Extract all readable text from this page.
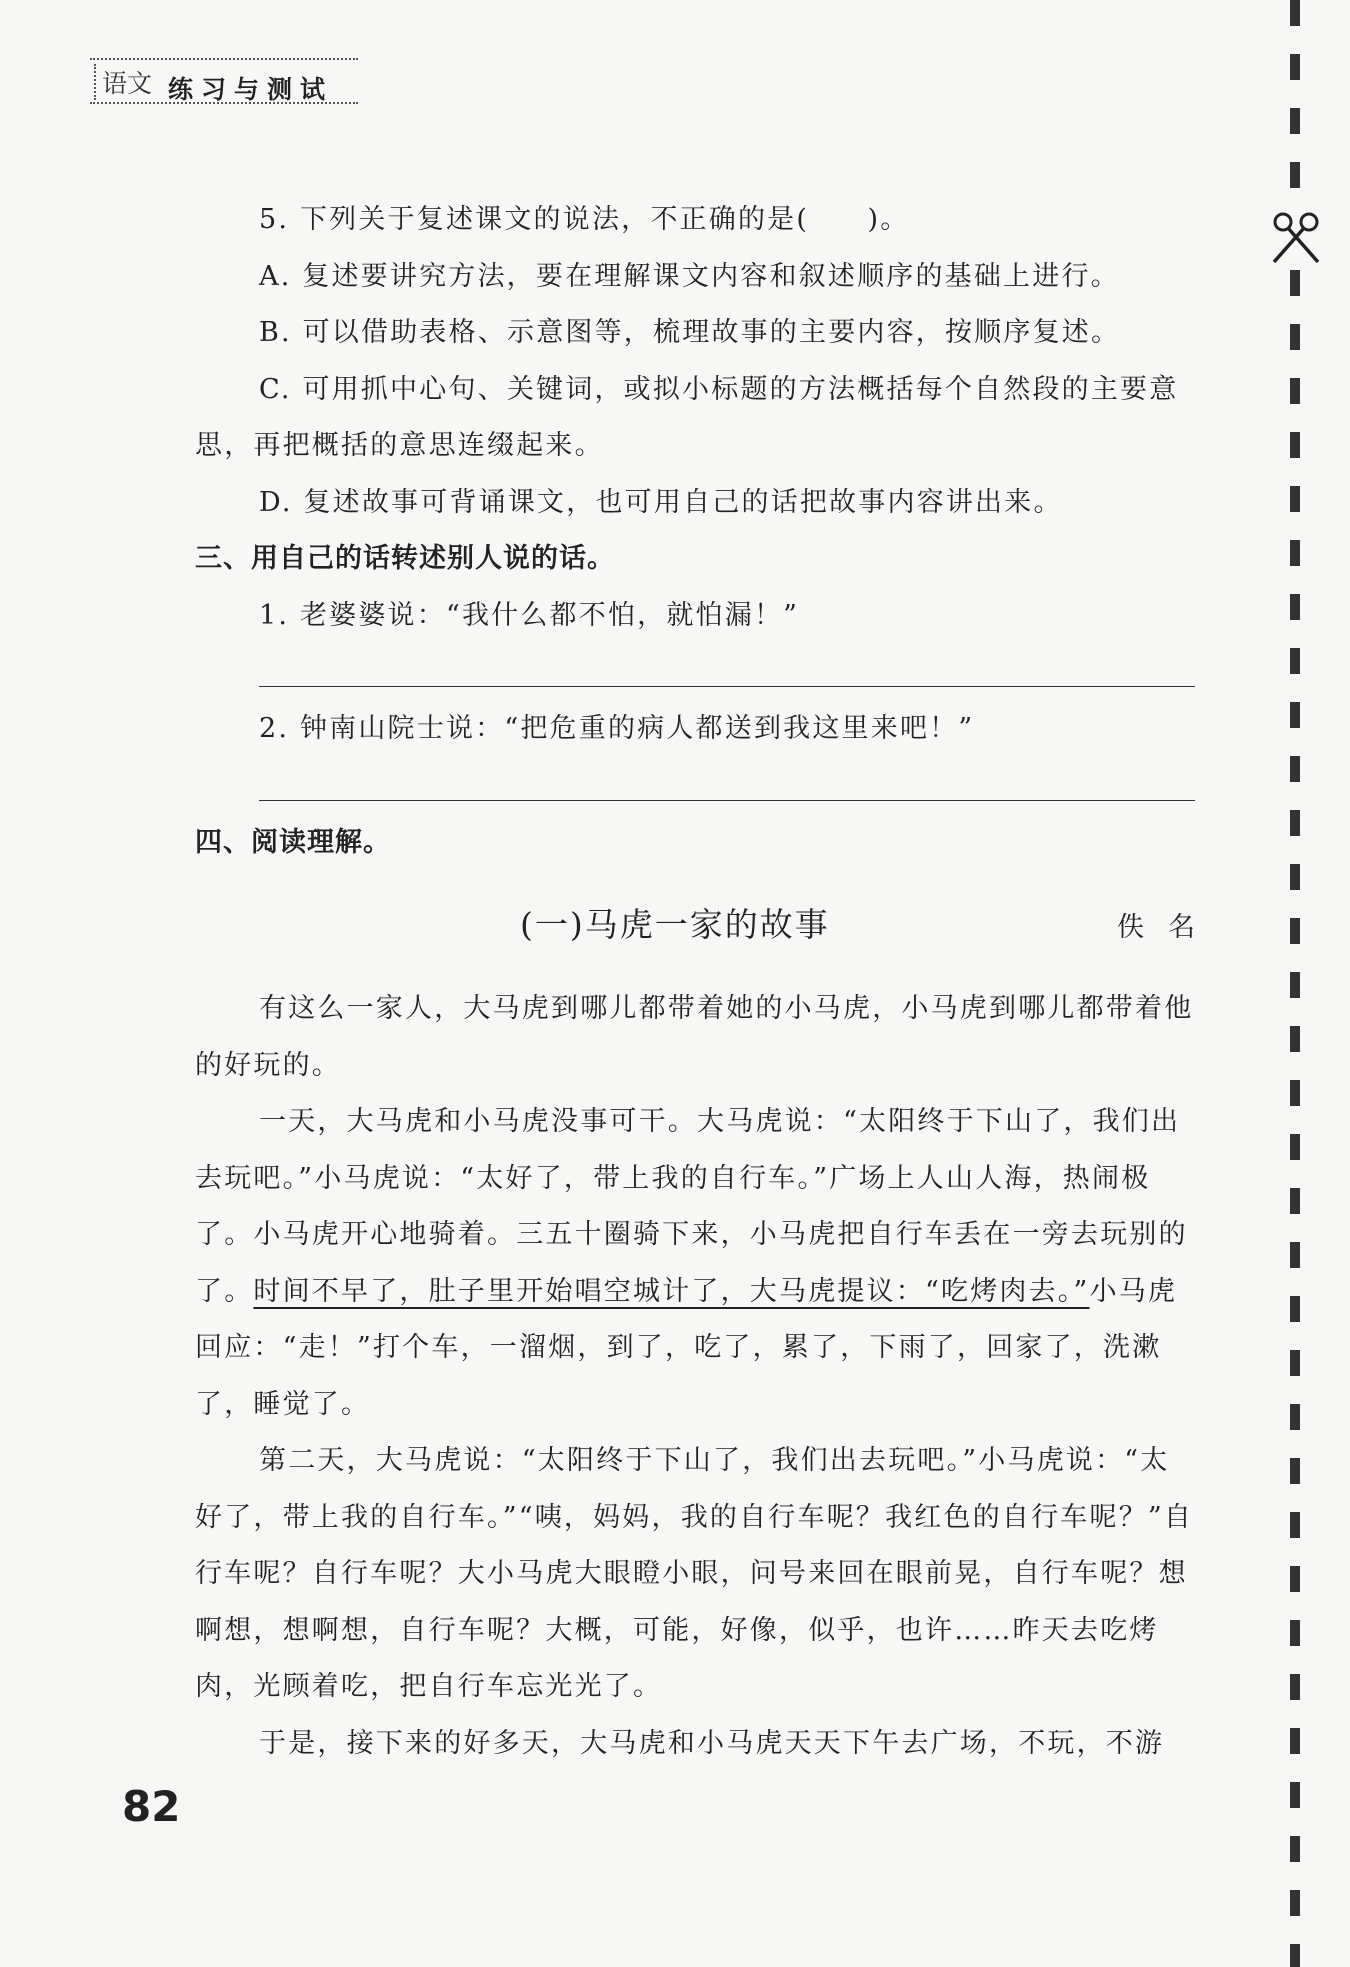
语文 练习与测试

5. 下列关于复述课文的说法，不正确的是(　　)。

A. 复述要讲究方法，要在理解课文内容和叙述顺序的基础上进行。

B. 可以借助表格、示意图等，梳理故事的主要内容，按顺序复述。

C. 可用抓中心句、关键词，或拟小标题的方法概括每个自然段的主要意思，再把概括的意思连缀起来。

D. 复述故事可背诵课文，也可用自己的话把故事内容讲出来。

三、用自己的话转述别人说的话。

1. 老婆婆说：“我什么都不怕，就怕漏！”

2. 钟南山院士说：“把危重的病人都送到我这里来吧！”

四、阅读理解。

(一)马虎一家的故事	佚名

有这么一家人，大马虎到哪儿都带着她的小马虎，小马虎到哪儿都带着他的好玩的。

一天，大马虎和小马虎没事可干。大马虎说：“太阳终于下山了，我们出去玩吧。”小马虎说：“太好了，带上我的自行车。”广场上人山人海，热闹极了。小马虎开心地骑着。三五十圈骑下来，小马虎把自行车丢在一旁去玩别的了。时间不早了，肚子里开始唱空城计了，大马虎提议：“吃烤肉去。”小马虎回应：“走！”打个车，一溜烟，到了，吃了，累了，下雨了，回家了，洗漱了，睡觉了。

第二天，大马虎说：“太阳终于下山了，我们出去玩吧。”小马虎说：“太好了，带上我的自行车。”“咦，妈妈，我的自行车呢？我红色的自行车呢？”自行车呢？自行车呢？大小马虎大眼瞪小眼，问号来回在眼前晃，自行车呢？想啊想，想啊想，自行车呢？大概，可能，好像，似乎，也许……昨天去吃烤肉，光顾着吃，把自行车忘光光了。

于是，接下来的好多天，大马虎和小马虎天天下午去广场，不玩，不游

82
